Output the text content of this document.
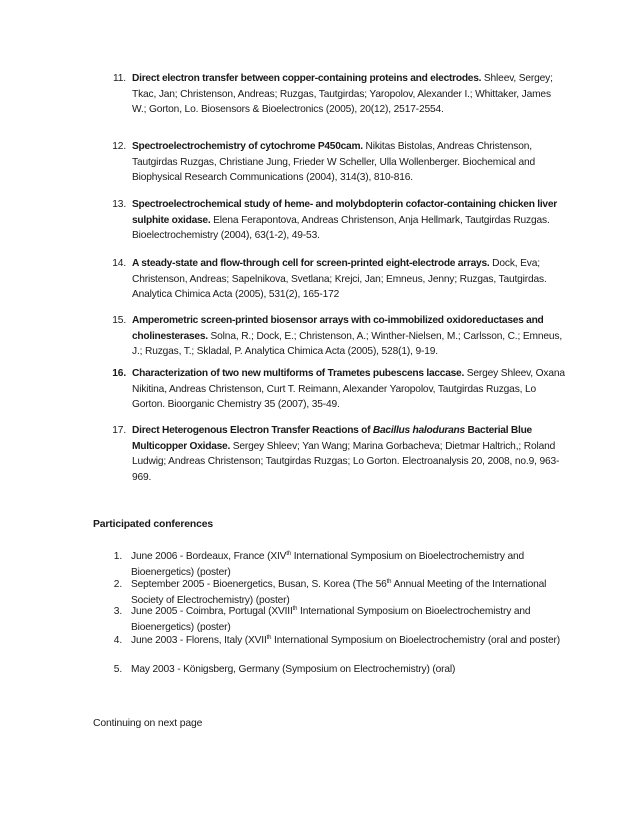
11. Direct electron transfer between copper-containing proteins and electrodes. Shleev, Sergey; Tkac, Jan; Christenson, Andreas; Ruzgas, Tautgirdas; Yaropolov, Alexander I.; Whittaker, James W.; Gorton, Lo. Biosensors & Bioelectronics (2005), 20(12), 2517-2554.
12. Spectroelectrochemistry of cytochrome P450cam. Nikitas Bistolas, Andreas Christenson, Tautgirdas Ruzgas, Christiane Jung, Frieder W Scheller, Ulla Wollenberger. Biochemical and Biophysical Research Communications (2004), 314(3), 810-816.
13. Spectroelectrochemical study of heme- and molybdopterin cofactor-containing chicken liver sulphite oxidase. Elena Ferapontova, Andreas Christenson, Anja Hellmark, Tautgirdas Ruzgas. Bioelectrochemistry (2004), 63(1-2), 49-53.
14. A steady-state and flow-through cell for screen-printed eight-electrode arrays. Dock, Eva; Christenson, Andreas; Sapelnikova, Svetlana; Krejci, Jan; Emneus, Jenny; Ruzgas, Tautgirdas. Analytica Chimica Acta (2005), 531(2), 165-172
15. Amperometric screen-printed biosensor arrays with co-immobilized oxidoreductases and cholinesterases. Solna, R.; Dock, E.; Christenson, A.; Winther-Nielsen, M.; Carlsson, C.; Emneus, J.; Ruzgas, T.; Skladal, P. Analytica Chimica Acta (2005), 528(1), 9-19.
16. Characterization of two new multiforms of Trametes pubescens laccase. Sergey Shleev, Oxana Nikitina, Andreas Christenson, Curt T. Reimann, Alexander Yaropolov, Tautgirdas Ruzgas, Lo Gorton. Bioorganic Chemistry 35 (2007), 35-49.
17. Direct Heterogenous Electron Transfer Reactions of Bacillus halodurans Bacterial Blue Multicopper Oxidase. Sergey Shleev; Yan Wang; Marina Gorbacheva; Dietmar Haltrich,; Roland Ludwig; Andreas Christenson; Tautgirdas Ruzgas; Lo Gorton. Electroanalysis 20, 2008, no.9, 963-969.
Participated conferences
1. June 2006 - Bordeaux, France (XIVth International Symposium on Bioelectrochemistry and Bioenergetics) (poster)
2. September 2005 - Bioenergetics, Busan, S. Korea (The 56th Annual Meeting of the International Society of Electrochemistry) (poster)
3. June 2005 - Coimbra, Portugal (XVIIIth International Symposium on Bioelectrochemistry and Bioenergetics) (poster)
4. June 2003 - Florens, Italy (XVIIth International Symposium on Bioelectrochemistry (oral and poster)
5. May 2003 - Königsberg, Germany (Symposium on Electrochemistry) (oral)
Continuing on next page
